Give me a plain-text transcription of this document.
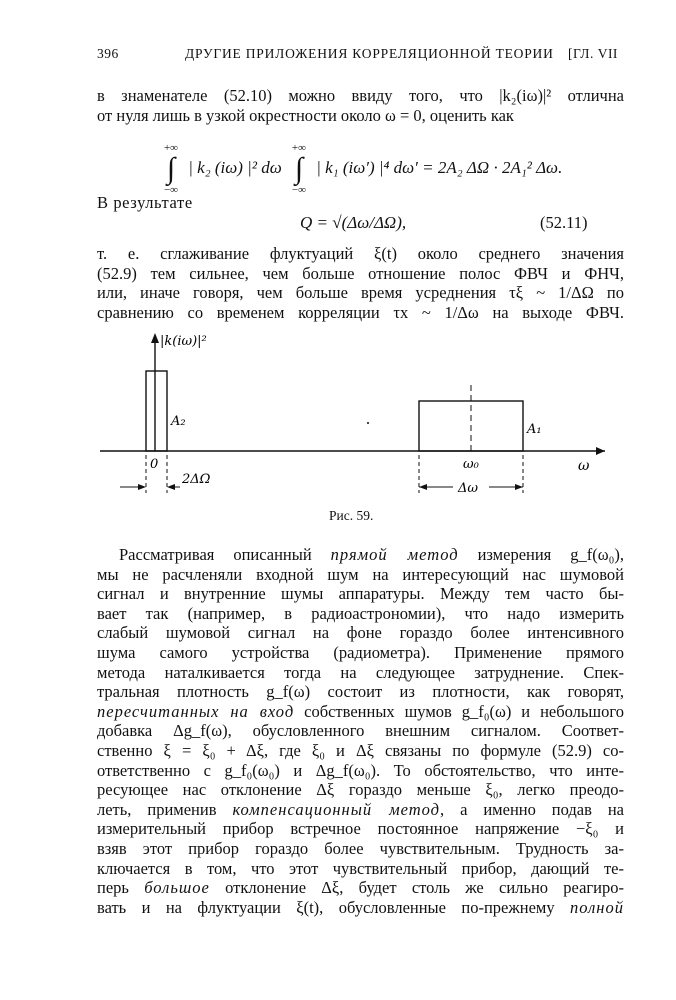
396	ДРУГИЕ ПРИЛОЖЕНИЯ КОРРЕЛЯЦИОННОЙ ТЕОРИИ [ГЛ. VII
в знаменателе (52.10) можно ввиду того, что |k₂(iω)|² отлична
от нуля лишь в узкой окрестности около ω = 0, оценить как
+∞
∫
−∞
| k₂ (iω) |² dω
+∞
∫
−∞
| k₁ (iω′) |⁴ dω′ = 2A₂ ΔΩ · 2A₁² Δω.
В результате
Q = √(Δω/ΔΩ),	(52.11)
т. е. сглаживание флуктуаций ξ(t) около среднего значения
(52.9) тем сильнее, чем больше отношение полос ФВЧ и ФНЧ,
или, иначе говоря, чем больше время усреднения τξ ~ 1/ΔΩ по
сравнению со временем корреляции τx ~ 1/Δω на выходе ФВЧ.
|k(iω)|²
ω
A₂
0
2ΔΩ
A₁
ω₀
Δω
Рис. 59.
Рассматривая описанный прямой метод измерения g_f(ω₀),
мы не расчленяли входной шум на интересующий нас шумовой
сигнал и внутренние шумы аппаратуры. Между тем часто бы-
вает так (например, в радиоастрономии), что надо измерить
слабый шумовой сигнал на фоне гораздо более интенсивного
шума самого устройства (радиометра). Применение прямого
метода наталкивается тогда на следующее затруднение. Спек-
тральная плотность g_f(ω) состоит из плотности, как говорят,
пересчитанных на вход собственных шумов g_f₀(ω) и небольшого
добавка Δg_f(ω), обусловленного внешним сигналом. Соответ-
ственно ξ = ξ₀ + Δξ, где ξ₀ и Δξ связаны по формуле (52.9) со-
ответственно с g_f₀(ω₀) и Δg_f(ω₀). То обстоятельство, что инте-
ресующее нас отклонение Δξ гораздо меньше ξ₀, легко преодо-
леть, применив компенсационный метод, а именно подав на
измерительный прибор встречное постоянное напряжение −ξ₀ и
взяв этот прибор гораздо более чувствительным. Трудность за-
ключается в том, что этот чувствительный прибор, дающий те-
перь большое отклонение Δξ, будет столь же сильно реагиро-
вать и на флуктуации ξ(t), обусловленные по-прежнему полной
